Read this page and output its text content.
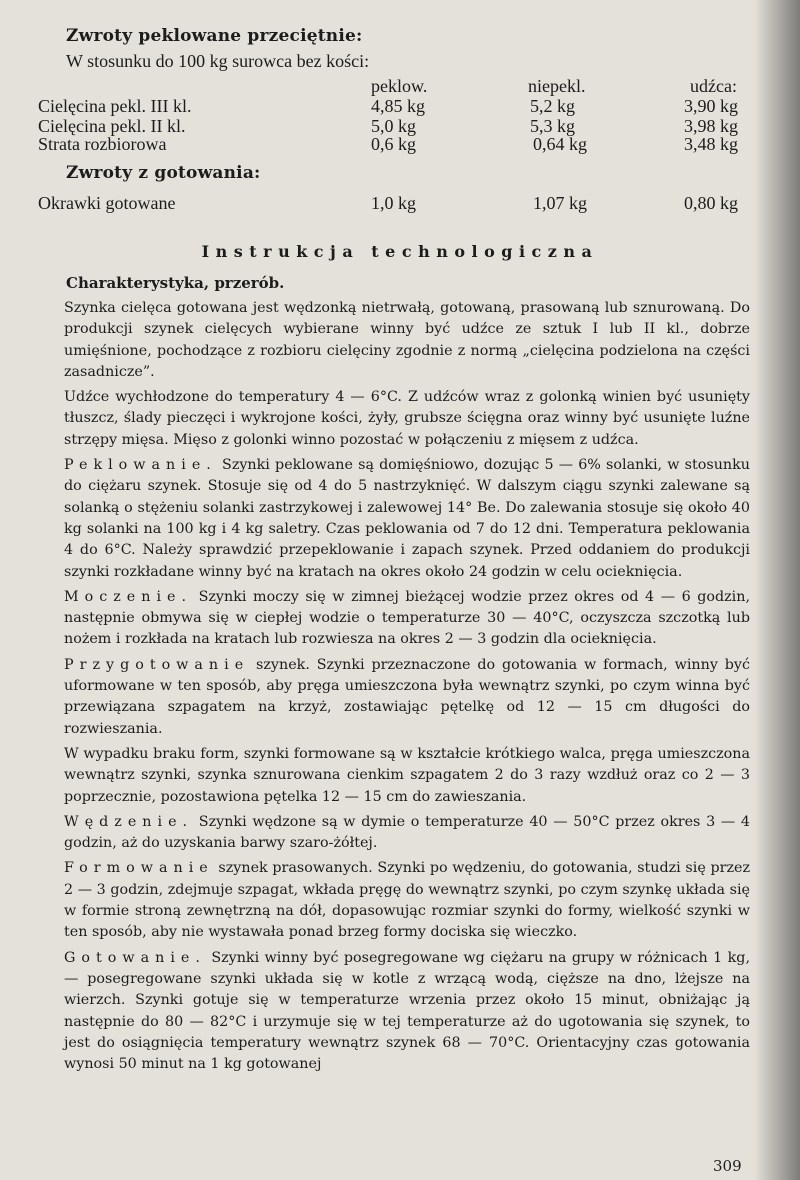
Zwroty peklowane przeciętnie:
W stosunku do 100 kg surowca bez kości:
peklow.	niepekl.	udźca:
Cielęcina pekl. III kl.	4,85 kg	5,2 kg	3,90 kg
Cielęcina pekl. II kl.	5,0 kg	5,3 kg	3,98 kg
Strata rozbiorowa	0,6 kg	0,64 kg	3,48 kg
Zwroty z gotowania:
Okrawki gotowane	1,0 kg	1,07 kg	0,80 kg
Instrukcja technologiczna
Charakterystyka, przerób.

Szynka cielęca gotowana jest wędzonką nietrwałą, gotowaną, prasowaną lub sznurowaną. Do produkcji szynek cielęcych wybierane winny być udźce ze sztuk I lub II kl., dobrze umięśnione, pochodzące z rozbioru cielęciny zgodnie z normą „cielęcina podzielona na części zasadnicze”.

Udźce wychłodzone do temperatury 4 — 6°C. Z udźców wraz z golonką winien być usunięty tłuszcz, ślady pieczęci i wykrojone kości, żyły, grubsze ścięgna oraz winny być usunięte luźne strzępy mięsa. Mięso z golonki winno pozostać w połączeniu z mięsem z udźca.

Peklowanie. Szynki peklowane są domięśniowo, dozując 5 — 6% solanki, w stosunku do ciężaru szynek. Stosuje się od 4 do 5 nastrzyknięć. W dalszym ciągu szynki zalewane są solanką o stężeniu solanki zastrzykowej i zalewowej 14° Be. Do zalewania stosuje się około 40 kg solanki na 100 kg i 4 kg saletry. Czas peklowania od 7 do 12 dni. Temperatura peklowania 4 do 6°C. Należy sprawdzić przepeklowanie i zapach szynek. Przed oddaniem do produkcji szynki rozkładane winny być na kratach na okres około 24 godzin w celu ocieknięcia.

Moczenie. Szynki moczy się w zimnej bieżącej wodzie przez okres od 4 — 6 godzin, następnie obmywa się w ciepłej wodzie o temperaturze 30 — 40°C, oczyszcza szczotką lub nożem i rozkłada na kratach lub rozwiesza na okres 2 — 3 godzin dla ocieknięcia.

Przygotowanie szynek. Szynki przeznaczone do gotowania w formach, winny być uformowane w ten sposób, aby pręga umieszczona była wewnątrz szynki, po czym winna być przewiązana szpagatem na krzyż, zostawiając pętelkę od 12 — 15 cm długości do rozwieszania.

W wypadku braku form, szynki formowane są w kształcie krótkiego walca, pręga umieszczona wewnątrz szynki, szynka sznurowana cienkim szpagatem 2 do 3 razy wzdłuż oraz co 2 — 3 poprzecznie, pozostawiona pętelka 12 — 15 cm do zawieszania.

Wędzenie. Szynki wędzone są w dymie o temperaturze 40 — 50°C przez okres 3 — 4 godzin, aż do uzyskania barwy szaro-żółtej.

Formowanie szynek prasowanych. Szynki po wędzeniu, do gotowania, studzi się przez 2 — 3 godzin, zdejmuje szpagat, wkłada pręgę do wewnątrz szynki, po czym szynkę układa się w formie stroną zewnętrzną na dół, dopasowując rozmiar szynki do formy, wielkość szynki w ten sposób, aby nie wystawała ponad brzeg formy dociska się wieczko.

Gotowanie. Szynki winny być posegregowane wg ciężaru na grupy w różnicach 1 kg, — posegregowane szynki układa się w kotle z wrzącą wodą, cięższe na dno, lżejsze na wierzch. Szynki gotuje się w temperaturze wrzenia przez około 15 minut, obniżając ją następnie do 80 — 82°C i urzymuje się w tej temperaturze aż do ugotowania się szynek, to jest do osiągnięcia temperatury wewnątrz szynek 68 — 70°C. Orientacyjny czas gotowania wynosi 50 minut na 1 kg gotowanej

309
